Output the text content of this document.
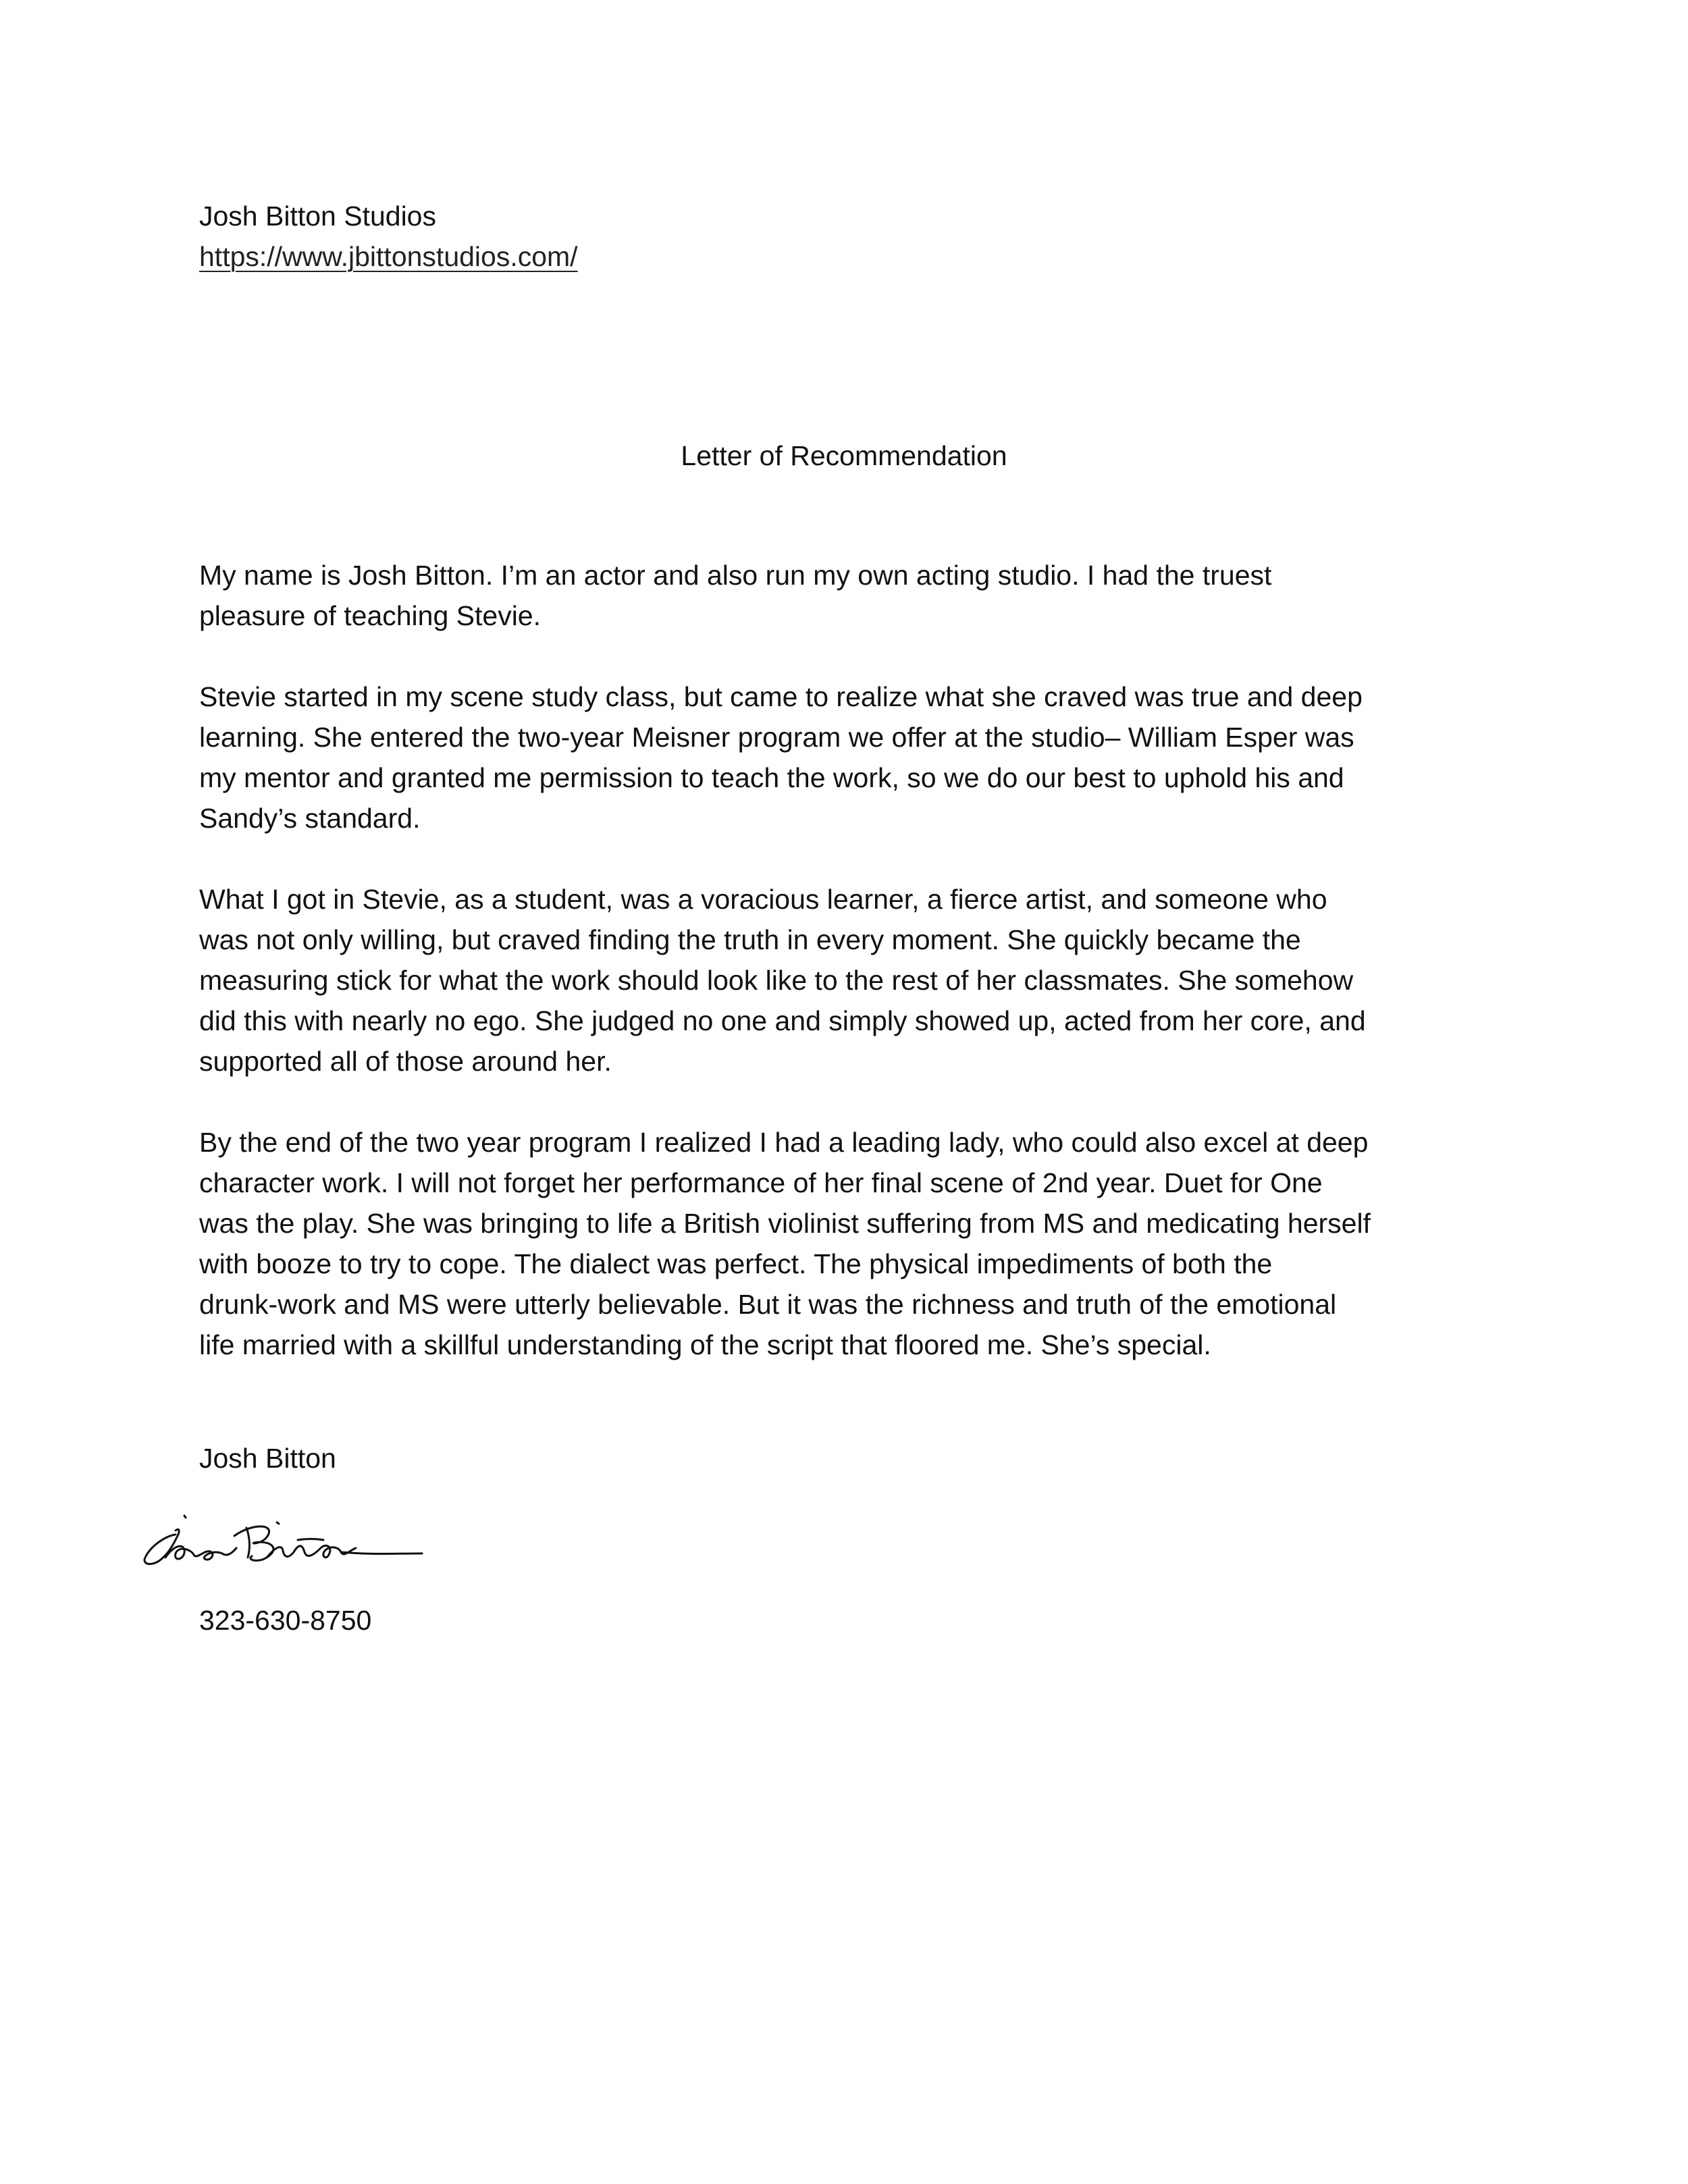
Josh Bitton Studios
https://www.jbittonstudios.com/
Letter of Recommendation

My name is Josh Bitton. I’m an actor and also run my own acting studio. I had the truest
pleasure of teaching Stevie.

Stevie started in my scene study class, but came to realize what she craved was true and deep
learning. She entered the two-year Meisner program we offer at the studio– William Esper was
my mentor and granted me permission to teach the work, so we do our best to uphold his and
Sandy’s standard.

What I got in Stevie, as a student, was a voracious learner, a fierce artist, and someone who
was not only willing, but craved finding the truth in every moment. She quickly became the
measuring stick for what the work should look like to the rest of her classmates. She somehow
did this with nearly no ego. She judged no one and simply showed up, acted from her core, and
supported all of those around her.

By the end of the two year program I realized I had a leading lady, who could also excel at deep
character work. I will not forget her performance of her final scene of 2nd year. Duet for One
was the play. She was bringing to life a British violinist suffering from MS and medicating herself
with booze to try to cope. The dialect was perfect. The physical impediments of both the
drunk-work and MS were utterly believable. But it was the richness and truth of the emotional
life married with a skillful understanding of the script that floored me. She’s special.

Josh Bitton
323-630-8750
